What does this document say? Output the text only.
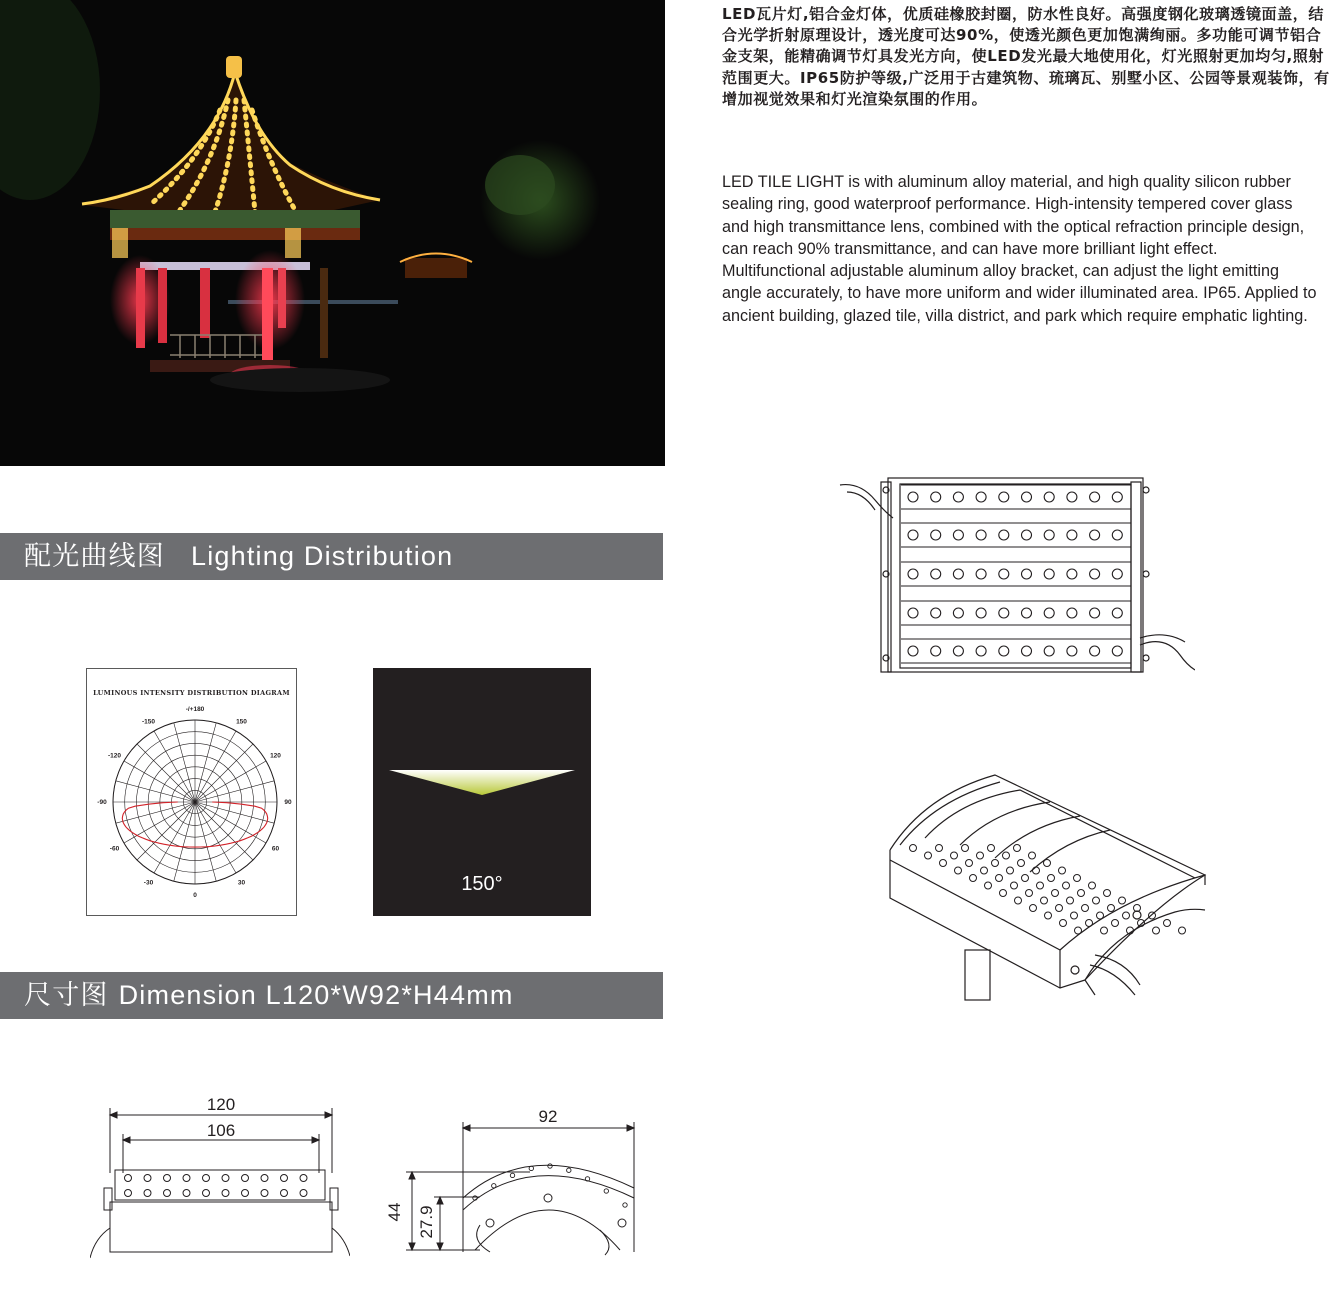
LED瓦片灯,铝合金灯体，优质硅橡胶封圈，防水性良好。高强度钢化玻璃透镜面盖，结合光学折射原理设计，透光度可达90%，使透光颜色更加饱满绚丽。多功能可调节铝合金支架，能精确调节灯具发光方向，使LED发光最大地使用化，灯光照射更加均匀,照射范围更大。IP65防护等级,广泛用于古建筑物、琉璃瓦、别墅小区、公园等景观装饰，有增加视觉效果和灯光渲染氛围的作用。

LED TILE LIGHT is with aluminum alloy material, and high quality silicon rubber sealing ring, good waterproof performance. High-intensity tempered cover glass and high transmittance lens, combined with the optical refraction principle design, can reach 90% transmittance, and can have more brilliant light effect. Multifunctional adjustable aluminum alloy bracket, can adjust the light emitting angle accurately, to have more uniform and wider illuminated area. IP65. Applied to ancient building, glazed tile, villa district, and park which require emphatic lighting.

配光曲线图 Lighting Distribution
LUMINOUS INTENSITY DISTRIBUTION DIAGRAM
-/+180
-150	150
-120	120
-90	90
-60	60
-30	30
0
150°
尺寸图 Dimension L120*W92*H44mm
120
106
92
44 27.9
